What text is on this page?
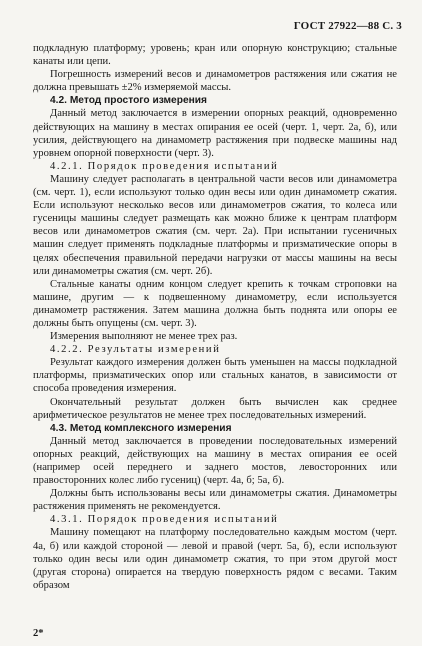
ГОСТ 27922—88 С. 3

подкладную платформу; уровень; кран или опорную конструкцию; стальные канаты или цепи.

Погрешность измерений весов и динамометров растяжения или сжатия не должна превышать ±2% измеряемой массы.

4.2. Метод простого измерения

Данный метод заключается в измерении опорных реакций, одновременно действующих на машину в местах опирания ее осей (черт. 1, черт. 2а, б), или усилия, действующего на динамометр растяжения при подвеске машины над уровнем опорной поверхности (черт. 3).

4.2.1. Порядок проведения испытаний

Машину следует располагать в центральной части весов или динамометра (см. черт. 1), если используют только один весы или один динамометр сжатия. Если используют несколько весов или динамометров сжатия, то колеса или гусеницы машины следует размещать как можно ближе к центрам платформ весов или динамометров сжатия (см. черт. 2а). При испытании гусеничных машин следует применять подкладные платформы и призматические опоры в целях обеспечения правильной передачи нагрузки от массы машины на весы или динамометры сжатия (см. черт. 2б).

Стальные канаты одним концом следует крепить к точкам строповки на машине, другим — к подвешенному динамометру, если используется динамометр растяжения. Затем машина должна быть поднята или опоры ее должны быть опущены (см. черт. 3).

Измерения выполняют не менее трех раз.

4.2.2. Результаты измерений

Результат каждого измерения должен быть уменьшен на массы подкладной платформы, призматических опор или стальных канатов, в зависимости от способа проведения измерения.

Окончательный результат должен быть вычислен как среднее арифметическое результатов не менее трех последовательных измерений.

4.3. Метод комплексного измерения

Данный метод заключается в проведении последовательных измерений опорных реакций, действующих на машину в местах опирания ее осей (например осей переднего и заднего мостов, левосторонних или правосторонних колес либо гусениц) (черт. 4а, б; 5а, б).

Должны быть использованы весы или динамометры сжатия. Динамометры растяжения применять не рекомендуется.

4.3.1. Порядок проведения испытаний

Машину помещают на платформу последовательно каждым мостом (черт. 4а, б) или каждой стороной — левой и правой (черт. 5а, б), если используют только один весы или один динамометр сжатия, то при этом другой мост (другая сторона) опирается на твердую поверхность рядом с весами. Таким образом

2*
